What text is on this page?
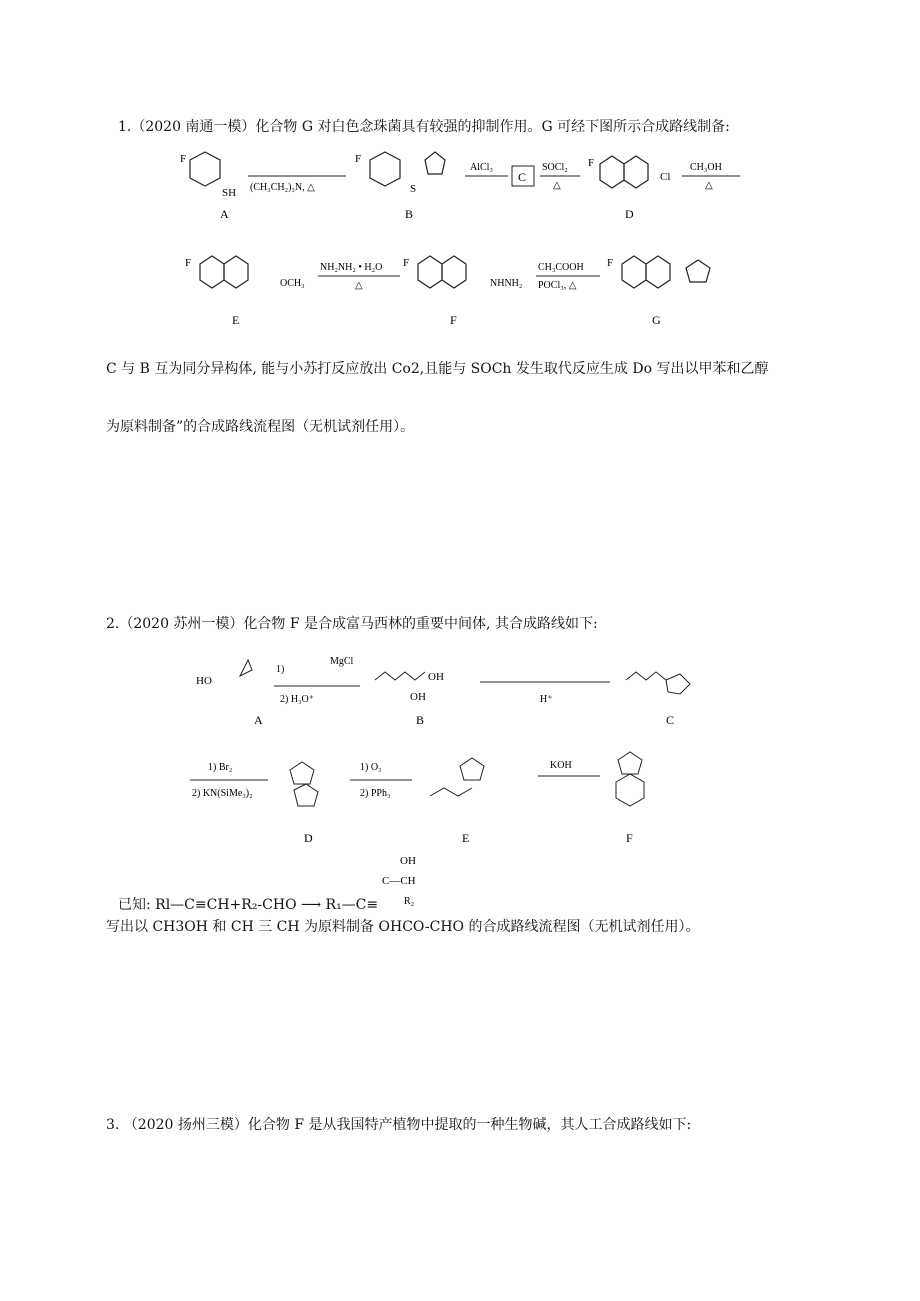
1.（2020 南通一模）化合物 G 对白色念珠菌具有较强的抑制作用。G 可经下图所示合成路线制备:
F
SH
A
(CH₃CH₂)₃N, △
F
S
B
AlCl₃
C
SOCl₂
△
F
Cl
D
CH₃OH
△
F
OCH₃
E
NH₂NH₂ • H₂O
△
F
NHNH₂
F
CH₃COOH
POCl₃, △
F
G
C 与 B 互为同分异构体, 能与小苏打反应放出 Co2,且能与 SOCh 发生取代反应生成 Do 写出以甲苯和乙醇
为原料制备”的合成路线流程图（无机试剂任用）。
2.（2020 苏州一模）化合物 F 是合成富马西林的重要中间体, 其合成路线如下:
HO
A
1)
MgCl
2) H₃O⁺
OH
OH
B
H⁺
C
1) Br₂
2) KN(SiMe₃)₂
D
1) O₃
2) PPh₃
E
KOH
F
已知: Rl—C≡CH+R₂-CHO ⟶ R₁—C≡
OH
C—CH
R₂
写出以 CH3OH 和 CH 三 CH 为原料制备 OHCO-CHO 的合成路线流程图（无机试剂任用）。
3. （2020 扬州三模）化合物 F 是从我国特产植物中提取的一种生物碱，其人工合成路线如下:
